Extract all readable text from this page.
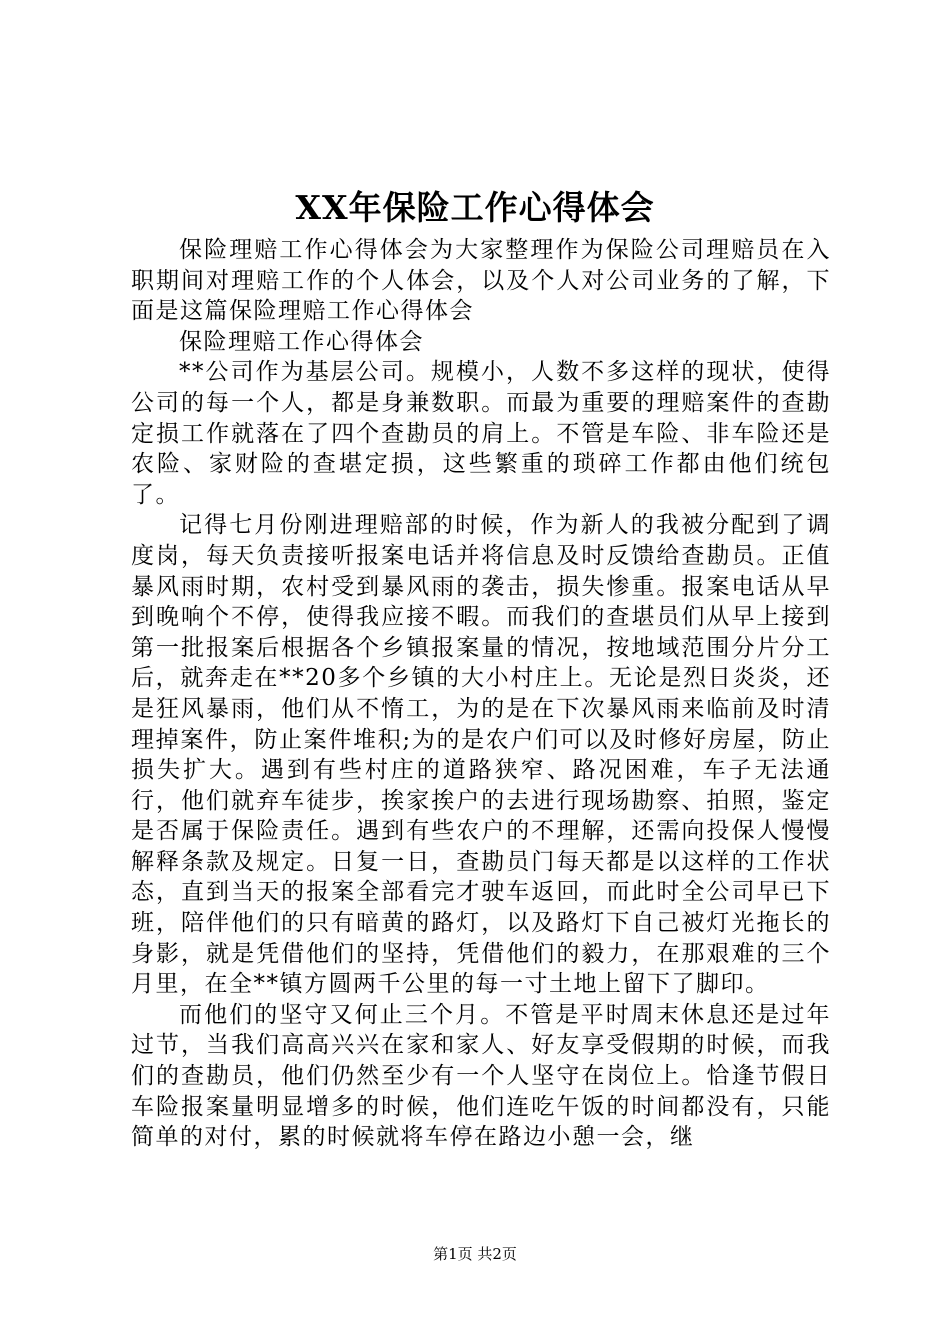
XX年保险工作心得体会

保险理赔工作心得体会为大家整理作为保险公司理赔员在入职期间对理赔工作的个人体会，以及个人对公司业务的了解，下面是这篇保险理赔工作心得体会

保险理赔工作心得体会

**公司作为基层公司。规模小，人数不多这样的现状，使得公司的每一个人，都是身兼数职。而最为重要的理赔案件的查勘定损工作就落在了四个查勘员的肩上。不管是车险、非车险还是农险、家财险的查堪定损，这些繁重的琐碎工作都由他们统包了。

记得七月份刚进理赔部的时候，作为新人的我被分配到了调度岗，每天负责接听报案电话并将信息及时反馈给查勘员。正值暴风雨时期，农村受到暴风雨的袭击，损失惨重。报案电话从早到晚响个不停，使得我应接不暇。而我们的查堪员们从早上接到第一批报案后根据各个乡镇报案量的情况，按地域范围分片分工后，就奔走在**20多个乡镇的大小村庄上。无论是烈日炎炎，还是狂风暴雨，他们从不惰工，为的是在下次暴风雨来临前及时清理掉案件，防止案件堆积;为的是农户们可以及时修好房屋，防止损失扩大。遇到有些村庄的道路狭窄、路况困难，车子无法通行，他们就弃车徒步，挨家挨户的去进行现场勘察、拍照，鉴定是否属于保险责任。遇到有些农户的不理解，还需向投保人慢慢解释条款及规定。日复一日，查勘员门每天都是以这样的工作状态，直到当天的报案全部看完才驶车返回，而此时全公司早已下班，陪伴他们的只有暗黄的路灯，以及路灯下自己被灯光拖长的身影，就是凭借他们的坚持，凭借他们的毅力，在那艰难的三个月里，在全**镇方圆两千公里的每一寸土地上留下了脚印。

而他们的坚守又何止三个月。不管是平时周末休息还是过年过节，当我们高高兴兴在家和家人、好友享受假期的时候，而我们的查勘员，他们仍然至少有一个人坚守在岗位上。恰逢节假日车险报案量明显增多的时候，他们连吃午饭的时间都没有，只能简单的对付，累的时候就将车停在路边小憩一会，继

第1页 共2页
